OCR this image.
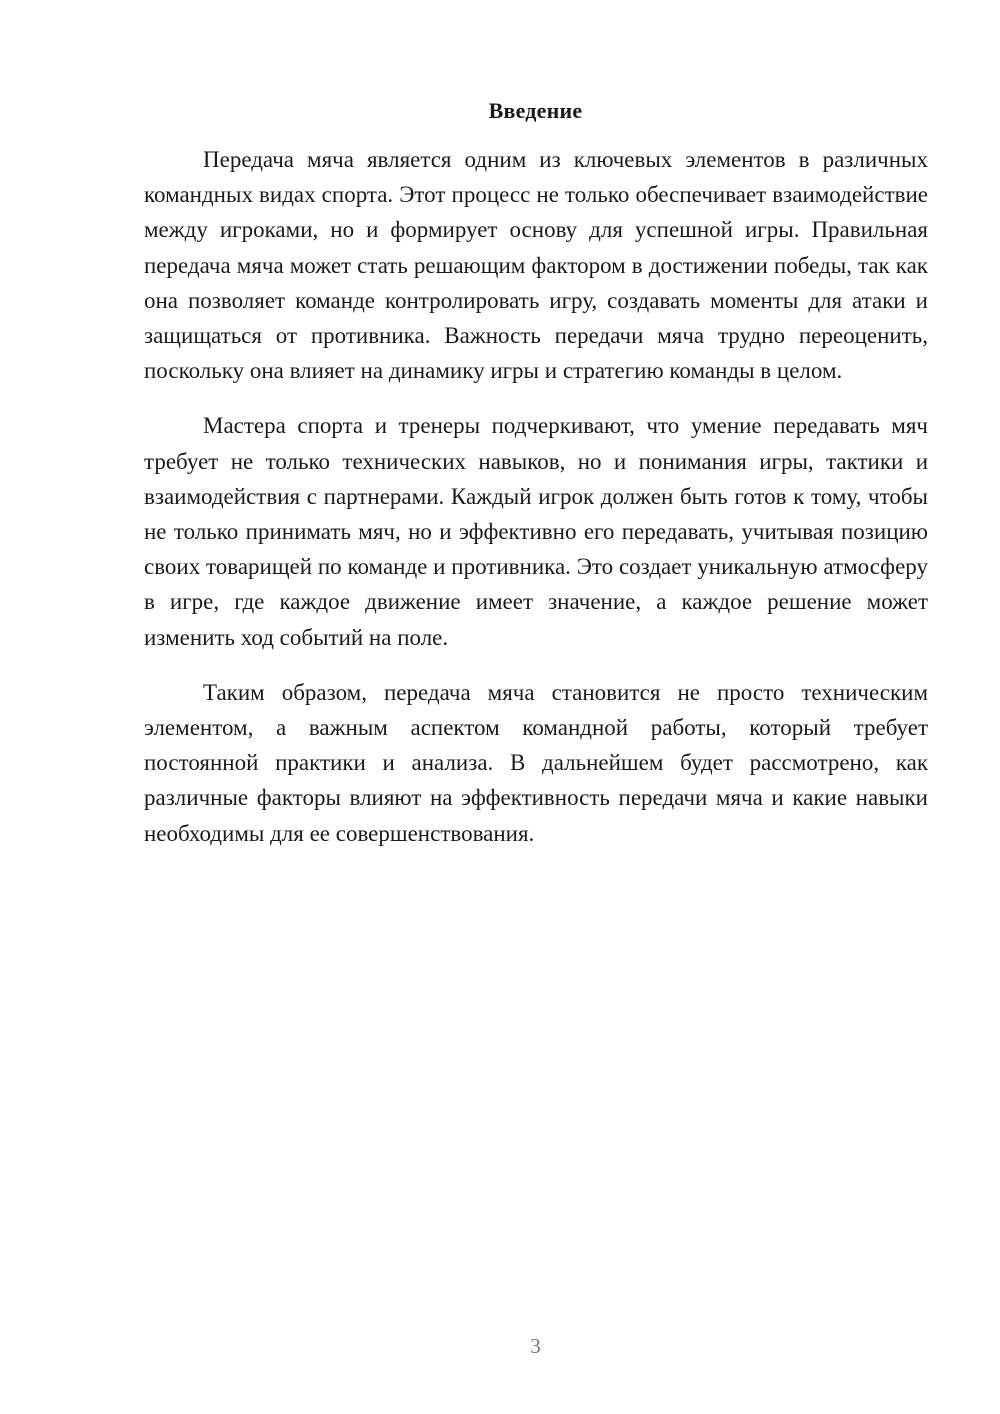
Введение

Передача мяча является одним из ключевых элементов в различных командных видах спорта. Этот процесс не только обеспечивает взаимодействие между игроками, но и формирует основу для успешной игры. Правильная передача мяча может стать решающим фактором в достижении победы, так как она позволяет команде контролировать игру, создавать моменты для атаки и защищаться от противника. Важность передачи мяча трудно переоценить, поскольку она влияет на динамику игры и стратегию команды в целом.

Мастера спорта и тренеры подчеркивают, что умение передавать мяч требует не только технических навыков, но и понимания игры, тактики и взаимодействия с партнерами. Каждый игрок должен быть готов к тому, чтобы не только принимать мяч, но и эффективно его передавать, учитывая позицию своих товарищей по команде и противника. Это создает уникальную атмосферу в игре, где каждое движение имеет значение, а каждое решение может изменить ход событий на поле.

Таким образом, передача мяча становится не просто техническим элементом, а важным аспектом командной работы, который требует постоянной практики и анализа. В дальнейшем будет рассмотрено, как различные факторы влияют на эффективность передачи мяча и какие навыки необходимы для ее совершенствования.

3
